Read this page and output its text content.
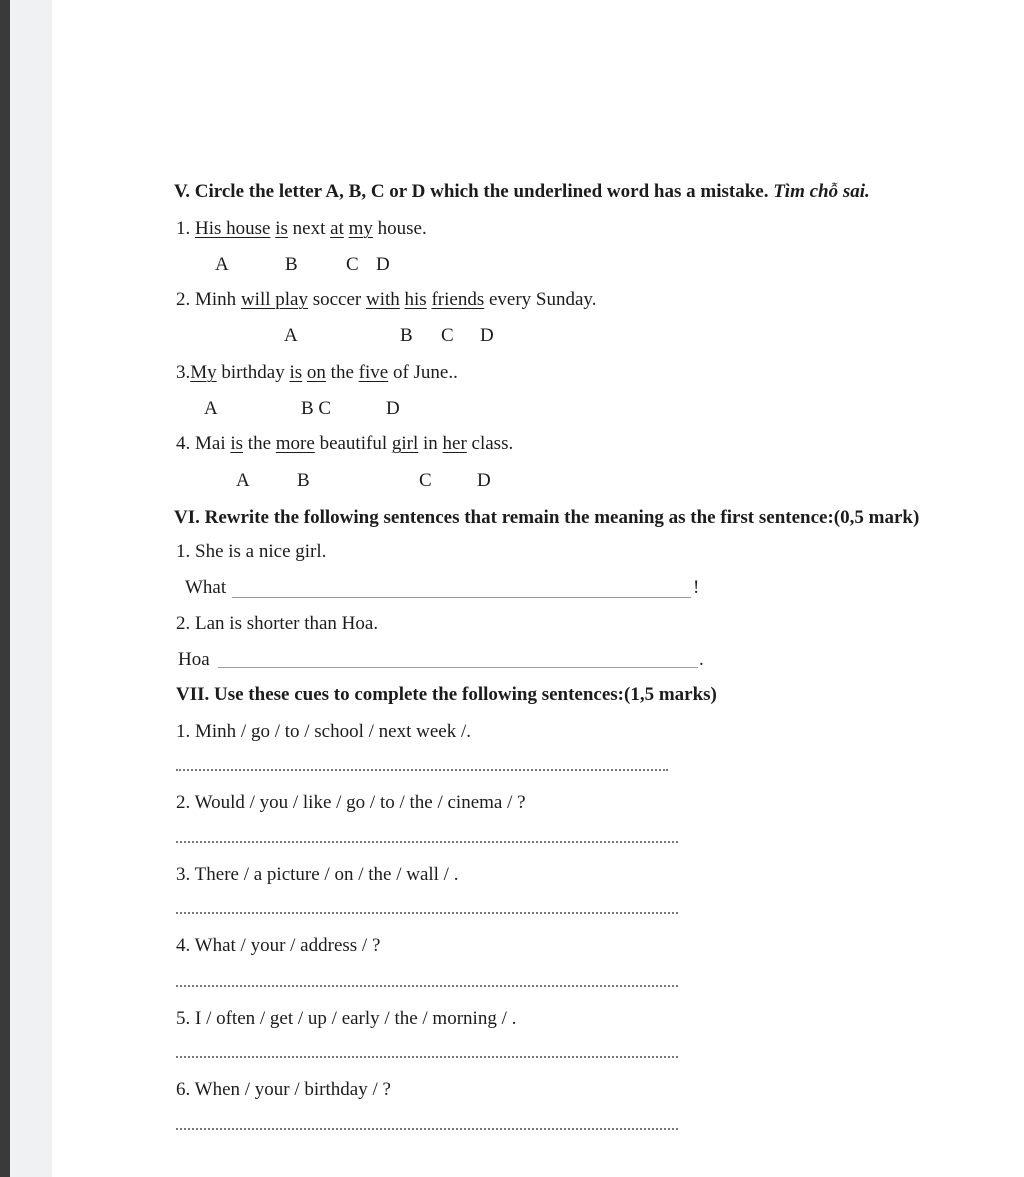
V. Circle the letter A, B, C or D which the underlined word has a mistake. Tìm chỗ sai.
1. His house is next at my house.
A	B	C D
2. Minh will play soccer with his friends every Sunday.
A	B C D
3.My birthday is on the five of June..
A	B C	D
4. Mai is the more beautiful girl in her class.
A B	C D
VI. Rewrite the following sentences that remain the meaning as the first sentence:(0,5 mark)
1. She is a nice girl.
What	!
2. Lan is shorter than Hoa.
Hoa	.
VII. Use these cues to complete the following sentences:(1,5 marks)
1. Minh / go / to / school / next week /.
2. Would / you / like / go / to / the / cinema / ?
3. There / a picture / on / the / wall / .
4. What / your / address / ?
5. I / often / get / up / early / the / morning / .
6. When / your / birthday / ?
